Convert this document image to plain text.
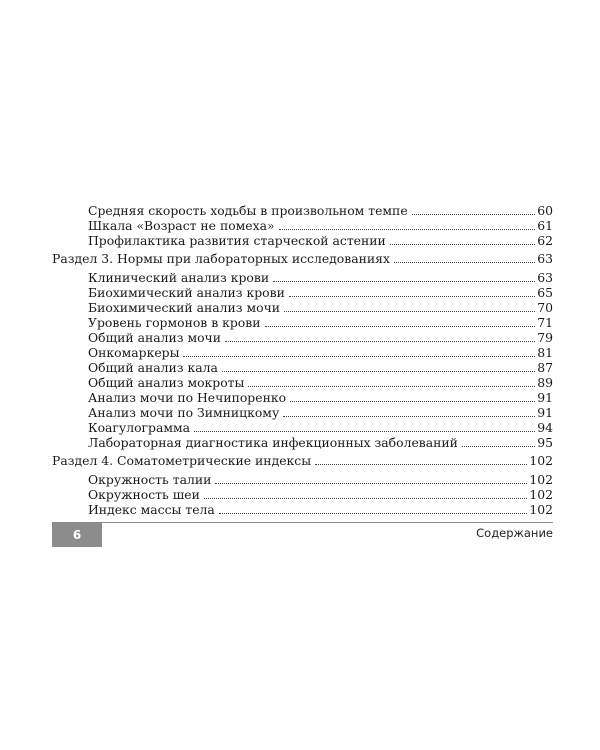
Средняя скорость ходьбы в произвольном темпе	60
Шкала «Возраст не помеха»	61
Профилактика развития старческой астении	62
Раздел 3. Нормы при лабораторных исследованиях	63
Клинический анализ крови	63
Биохимический анализ крови	65
Биохимический анализ мочи	70
Уровень гормонов в крови	71
Общий анализ мочи	79
Онкомаркеры	81
Общий анализ кала	87
Общий анализ мокроты	89
Анализ мочи по Нечипоренко	91
Анализ мочи по Зимницкому	91
Коагулограмма	94
Лабораторная диагностика инфекционных заболеваний	95
Раздел 4. Соматометрические индексы	102
Окружность талии	102
Окружность шеи	102
Индекс массы тела	102
6	Содержание
